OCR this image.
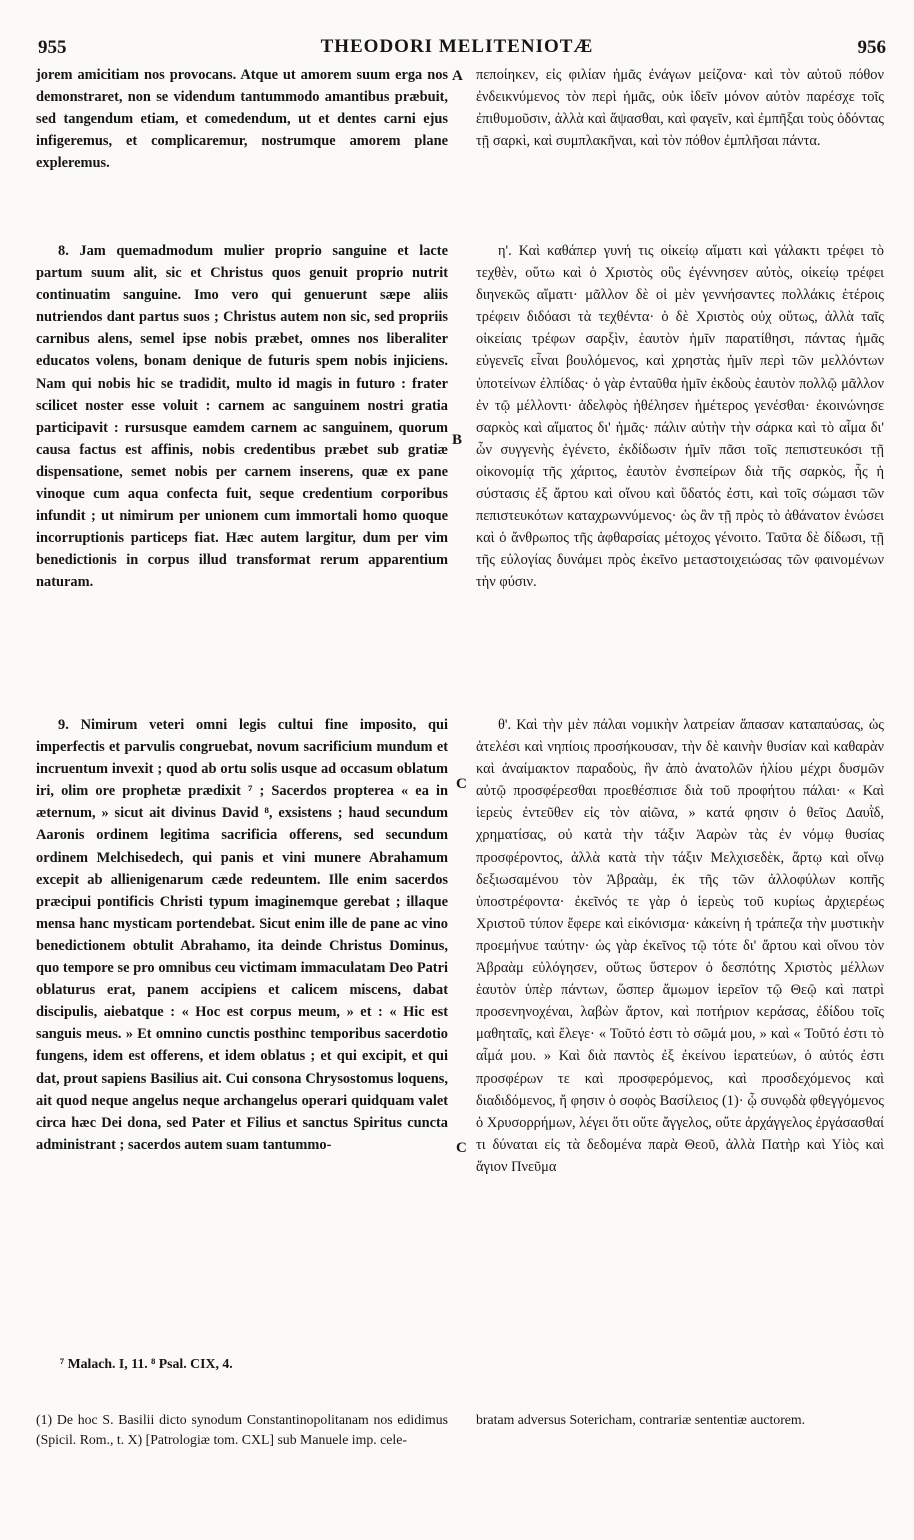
955	THEODORI MELITENIOTÆ	956

jorem amicitiam nos provocans. Atque ut amorem suum erga nos demonstraret, non se videndum tantummodo amantibus præbuit, sed tangendum etiam, et comedendum, ut et dentes carni ejus infigeremus, et complicaremur, nostrumque amorem plane expleremus.

8. Jam quemadmodum mulier proprio sanguine et lacte partum suum alit, sic et Christus quos genuit proprio nutrit continuatim sanguine. Imo vero qui genuerunt sæpe aliis nutriendos dant partus suos ; Christus autem non sic, sed propriis carnibus alens, semel ipse nobis præbet, omnes nos liberaliter educatos volens, bonam denique de futuris spem nobis injiciens. Nam qui nobis hic se tradidit, multo id magis in futuro : frater scilicet noster esse voluit : carnem ac sanguinem nostri gratia participavit : rursusque eamdem carnem ac sanguinem, quorum causa factus est affinis, nobis credentibus præbet sub gratiæ dispensatione, semet nobis per carnem inserens, quæ ex pane vinoque cum aqua confecta fuit, seque credentium corporibus infundit ; ut nimirum per unionem cum immortali homo quoque incorruptionis particeps fiat. Hæc autem largitur, dum per vim benedictionis in corpus illud transformat rerum apparentium naturam.

9. Nimirum veteri omni legis cultui fine imposito, qui imperfectis et parvulis congruebat, novum sacrificium mundum et incruentum invexit ; quod ab ortu solis usque ad occasum oblatum iri, olim ore prophetæ prædixit ⁷ ; Sacerdos propterea « ea in æternum, » sicut ait divinus David ⁸, exsistens ; haud secundum Aaronis ordinem legitima sacrificia offerens, sed secundum ordinem Melchisedech, qui panis et vini munere Abrahamum excepit ab allienigenarum cæde redeuntem. Ille enim sacerdos præcipui pontificis Christi typum imaginemque gerebat ; illaque mensa hanc mysticam portendebat. Sicut enim ille de pane ac vino benedictionem obtulit Abrahamo, ita deinde Christus Dominus, quo tempore se pro omnibus ceu victimam immaculatam Deo Patri oblaturus erat, panem accipiens et calicem miscens, dabat discipulis, aiebatque : « Hoc est corpus meum, » et : « Hic est sanguis meus. » Et omnino cunctis posthinc temporibus sacerdotio fungens, idem est offerens, et idem oblatus ; et qui excipit, et qui dat, prout sapiens Basilius ait. Cui consona Chrysostomus loquens, ait quod neque angelus neque archangelus operari quidquam valet circa hæc Dei dona, sed Pater et Filius et sanctus Spiritus cuncta administrant ; sacerdos autem suam tantummo-

A
B
C
C

πεποίηκεν, εἰς φιλίαν ἡμᾶς ἐνάγων μείζονα· καὶ τὸν αὐτοῦ πόθον ἐνδεικνύμενος τὸν περὶ ἡμᾶς, οὐκ ἰδεῖν μόνον αὐτὸν παρέσχε τοῖς ἐπιθυμοῦσιν, ἀλλὰ καὶ ἅψασθαι, καὶ φαγεῖν, καὶ ἐμπῆξαι τοὺς ὀδόντας τῇ σαρκὶ, καὶ συμπλακῆναι, καὶ τὸν πόθον ἐμπλῆσαι πάντα.

η'. Καὶ καθάπερ γυνή τις οἰκείῳ αἵματι καὶ γάλακτι τρέφει τὸ τεχθὲν, οὕτω καὶ ὁ Χριστὸς οὓς ἐγέννησεν αὐτὸς, οἰκείῳ τρέφει διηνεκῶς αἵματι· μᾶλλον δὲ οἱ μὲν γεννήσαντες πολλάκις ἑτέροις τρέφειν διδόασι τὰ τεχθέντα· ὁ δὲ Χριστὸς οὐχ οὕτως, ἀλλὰ ταῖς οἰκείαις τρέφων σαρξὶν, ἑαυτὸν ἡμῖν παρατίθησι, πάντας ἡμᾶς εὐγενεῖς εἶναι βουλόμενος, καὶ χρηστὰς ἡμῖν περὶ τῶν μελλόντων ὑποτείνων ἐλπίδας· ὁ γὰρ ἐνταῦθα ἡμῖν ἐκδοὺς ἑαυτὸν πολλῷ μᾶλλον ἐν τῷ μέλλοντι· ἀδελφὸς ἠθέλησεν ἡμέτερος γενέσθαι· ἐκοινώνησε σαρκὸς καὶ αἵματος δι' ἡμᾶς· πάλιν αὐτὴν τὴν σάρκα καὶ τὸ αἷμα δι' ὧν συγγενὴς ἐγένετο, ἐκδίδωσιν ἡμῖν πᾶσι τοῖς πεπιστευκόσι τῇ οἰκονομίᾳ τῆς χάριτος, ἑαυτὸν ἐνσπείρων διὰ τῆς σαρκὸς, ἧς ἡ σύστασις ἐξ ἄρτου καὶ οἴνου καὶ ὕδατός ἐστι, καὶ τοῖς σώμασι τῶν πεπιστευκότων καταχρωννύμενος· ὡς ἂν τῇ πρὸς τὸ ἀθάνατον ἑνώσει καὶ ὁ ἄνθρωπος τῆς ἀφθαρσίας μέτοχος γένοιτο. Ταῦτα δὲ δίδωσι, τῇ τῆς εὐλογίας δυνάμει πρὸς ἐκεῖνο μεταστοιχειώσας τῶν φαινομένων τὴν φύσιν.

θ'. Καὶ τὴν μὲν πάλαι νομικὴν λατρείαν ἅπασαν καταπαύσας, ὡς ἀτελέσι καὶ νηπίοις προσήκουσαν, τὴν δὲ καινὴν θυσίαν καὶ καθαρὰν καὶ ἀναίμακτον παραδοὺς, ἣν ἀπὸ ἀνατολῶν ἡλίου μέχρι δυσμῶν αὐτῷ προσφέρεσθαι προεθέσπισε διὰ τοῦ προφήτου πάλαι· « Καὶ ἱερεὺς ἐντεῦθεν εἰς τὸν αἰῶνα, » κατά φησιν ὁ θεῖος Δαυῒδ, χρηματίσας, οὐ κατὰ τὴν τάξιν Ἀαρὼν τὰς ἐν νόμῳ θυσίας προσφέροντος, ἀλλὰ κατὰ τὴν τάξιν Μελχισεδὲκ, ἄρτῳ καὶ οἴνῳ δεξιωσαμένου τὸν Ἀβραὰμ, ἐκ τῆς τῶν ἀλλοφύλων κοπῆς ὑποστρέφοντα· ἐκεῖνός τε γὰρ ὁ ἱερεὺς τοῦ κυρίως ἀρχιερέως Χριστοῦ τύπον ἔφερε καὶ εἰκόνισμα· κἀκείνη ἡ τράπεζα τὴν μυστικὴν προεμήνυε ταύτην· ὡς γὰρ ἐκεῖνος τῷ τότε δι' ἄρτου καὶ οἴνου τὸν Ἀβραὰμ εὐλόγησεν, οὕτως ὕστερον ὁ δεσπότης Χριστὸς μέλλων ἑαυτὸν ὑπὲρ πάντων, ὥσπερ ἄμωμον ἱερεῖον τῷ Θεῷ καὶ πατρὶ προσενηνοχέναι, λαβὼν ἄρτον, καὶ ποτήριον κεράσας, ἐδίδου τοῖς μαθηταῖς, καὶ ἔλεγε· « Τοῦτό ἐστι τὸ σῶμά μου, » καὶ « Τοῦτό ἐστι τὸ αἷμά μου. » Καὶ διὰ παντὸς ἐξ ἐκείνου ἱερατεύων, ὁ αὐτός ἐστι προσφέρων τε καὶ προσφερόμενος, καὶ προσδεχόμενος καὶ διαδιδόμενος, ἤ φησιν ὁ σοφὸς Βασίλειος (1)· ᾧ συνῳδὰ φθεγγόμενος ὁ Χρυσορρήμων, λέγει ὅτι οὔτε ἄγγελος, οὔτε ἀρχάγγελος ἐργάσασθαί τι δύναται εἰς τὰ δεδομένα παρὰ Θεοῦ, ἀλλὰ Πατὴρ καὶ Υἱὸς καὶ ἅγιον Πνεῦμα

⁷ Malach. I, 11. ⁸ Psal. CIX, 4.
(1) De hoc S. Basilii dicto synodum Constantinopolitanam nos edidimus (Spicil. Rom., t. X) [Patrologiæ tom. CXL] sub Manuele imp. cele-
bratam adversus Sotericham, contrariæ sententiæ auctorem.
